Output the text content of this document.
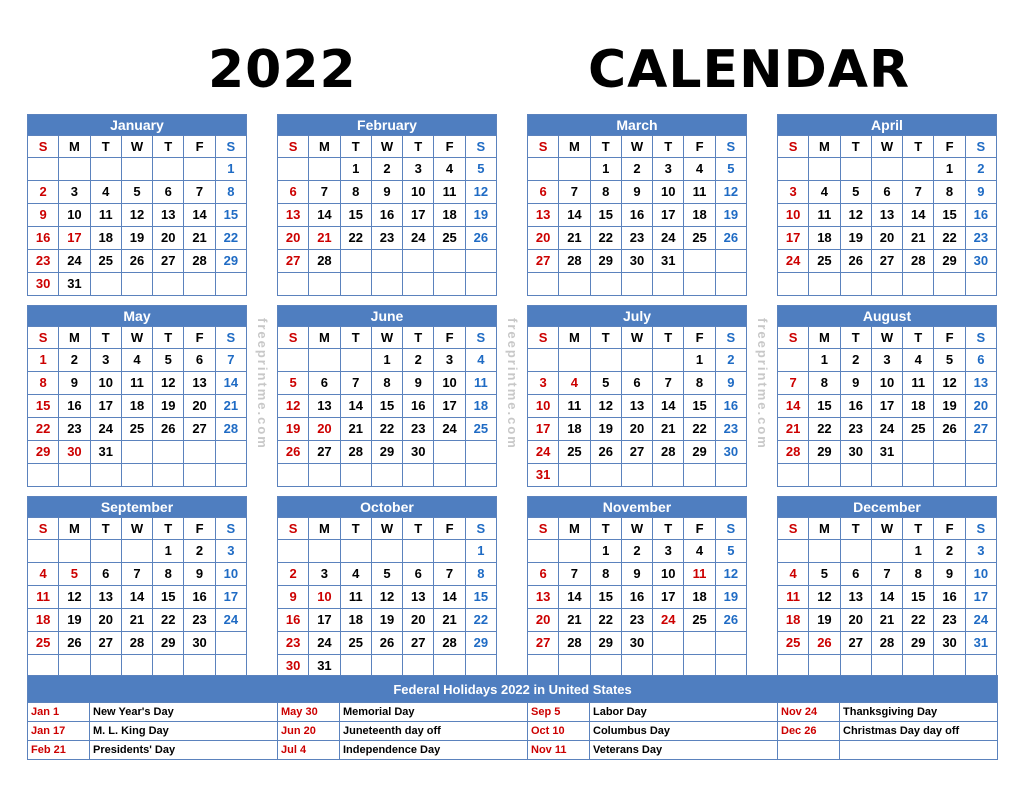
2022	CALENDAR
January						
S	M	T	W	T	F	S
						1
2	3	4	5	6	7	8
9	10	11	12	13	14	15
16	17	18	19	20	21	22
23	24	25	26	27	28	29
30	31					
February						
S	M	T	W	T	F	S
		1	2	3	4	5
6	7	8	9	10	11	12
13	14	15	16	17	18	19
20	21	22	23	24	25	26
27	28					

March						
S	M	T	W	T	F	S
		1	2	3	4	5
6	7	8	9	10	11	12
13	14	15	16	17	18	19
20	21	22	23	24	25	26
27	28	29	30	31		

April						
S	M	T	W	T	F	S
					1	2
3	4	5	6	7	8	9
10	11	12	13	14	15	16
17	18	19	20	21	22	23
24	25	26	27	28	29	30

May						
S	M	T	W	T	F	S
1	2	3	4	5	6	7
8	9	10	11	12	13	14
15	16	17	18	19	20	21
22	23	24	25	26	27	28
29	30	31				

June						
S	M	T	W	T	F	S
			1	2	3	4
5	6	7	8	9	10	11
12	13	14	15	16	17	18
19	20	21	22	23	24	25
26	27	28	29	30		

July						
S	M	T	W	T	F	S
					1	2
3	4	5	6	7	8	9
10	11	12	13	14	15	16
17	18	19	20	21	22	23
24	25	26	27	28	29	30
31						
August						
S	M	T	W	T	F	S
	1	2	3	4	5	6
7	8	9	10	11	12	13
14	15	16	17	18	19	20
21	22	23	24	25	26	27
28	29	30	31			

September						
S	M	T	W	T	F	S
				1	2	3
4	5	6	7	8	9	10
11	12	13	14	15	16	17
18	19	20	21	22	23	24
25	26	27	28	29	30	

October						
S	M	T	W	T	F	S
						1
2	3	4	5	6	7	8
9	10	11	12	13	14	15
16	17	18	19	20	21	22
23	24	25	26	27	28	29
30	31					
November						
S	M	T	W	T	F	S
		1	2	3	4	5
6	7	8	9	10	11	12
13	14	15	16	17	18	19
20	21	22	23	24	25	26
27	28	29	30			

December						
S	M	T	W	T	F	S
				1	2	3
4	5	6	7	8	9	10
11	12	13	14	15	16	17
18	19	20	21	22	23	24
25	26	27	28	29	30	31

freeprintme.com	freeprintme.com	freeprintme.com
Federal Holidays 2022 in United States							
Jan 1	New Year's Day	May 30	Memorial Day	Sep 5	Labor Day	Nov 24	Thanksgiving Day
Jan 17	M. L. King Day	Jun 20	Juneteenth day off	Oct 10	Columbus Day	Dec 26	Christmas Day day off
Feb 21	Presidents' Day	Jul 4	Independence Day	Nov 11	Veterans Day		
